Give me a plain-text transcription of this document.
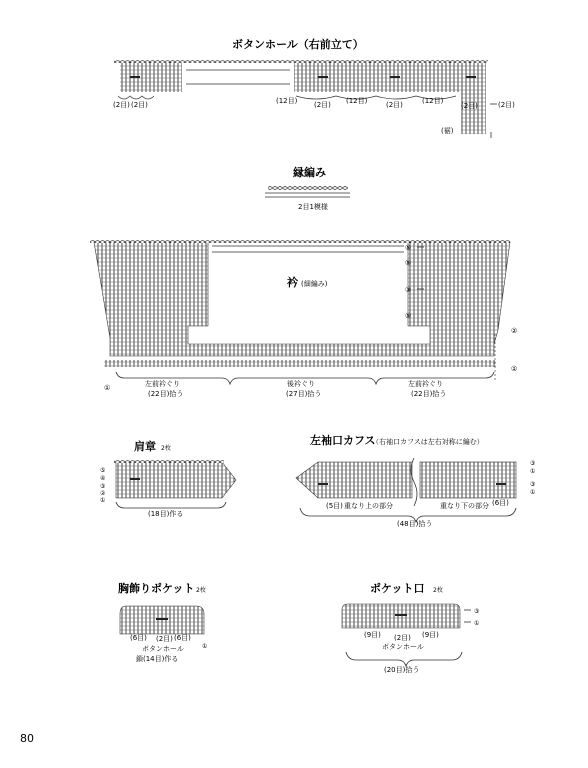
ボタンホール（右前立て）
(2目) (2目)	(12目) (2目) (12目)	(2目)	(12目)
(2目)	(2目)
(裾)
縁編み
2目1模様
衿 (細編み)
左前衿ぐり
(22目)拾う
後衿ぐり
(27目)拾う
左前衿ぐり
(22目)拾う
⑤
⑤
③
⑤
②
①
①
肩章 2枚
(18目)作る
⑤
④
③
②
①
左袖口カフス
（右袖口カフスは左右対称に編む）
(5目) 重なり上の部分	重なり下の部分 (6目)
(48目)拾う
③
①
③
①
胸飾りポケット 2枚
(6目) (2目) (6目)
ボタンホール
鎖(14目)作る
①
ポケット口 2枚
(9目) (2目) (9目)
ボタンホール
(20目)拾う
③
①
80
